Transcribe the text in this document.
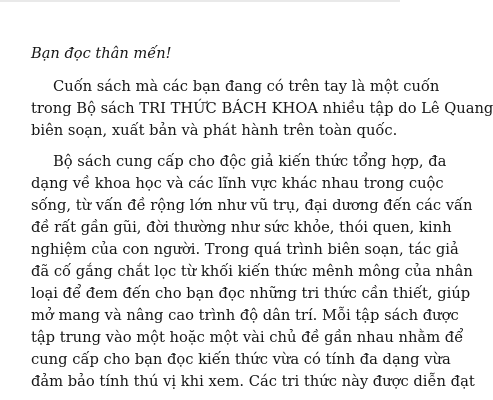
Bạn đọc thân mến!
Cuốn sách mà các bạn đang có trên tay là một cuốn
trong Bộ sách TRI THỨC BÁCH KHOA nhiều tập do Lê Quang
biên soạn, xuất bản và phát hành trên toàn quốc.
Bộ sách cung cấp cho độc giả kiến thức tổng hợp, đa
dạng về khoa học và các lĩnh vực khác nhau trong cuộc
sống, từ vấn đề rộng lớn như vũ trụ, đại dương đến các vấn
đề rất gần gũi, đời thường như sức khỏe, thói quen, kinh
nghiệm của con người. Trong quá trình biên soạn, tác giả
đã cố gắng chắt lọc từ khối kiến thức mênh mông của nhân
loại để đem đến cho bạn đọc những tri thức cần thiết, giúp
mở mang và nâng cao trình độ dân trí. Mỗi tập sách được
tập trung vào một hoặc một vài chủ đề gần nhau nhằm để
cung cấp cho bạn đọc kiến thức vừa có tính đa dạng vừa
đảm bảo tính thú vị khi xem. Các tri thức này được diễn đạt
